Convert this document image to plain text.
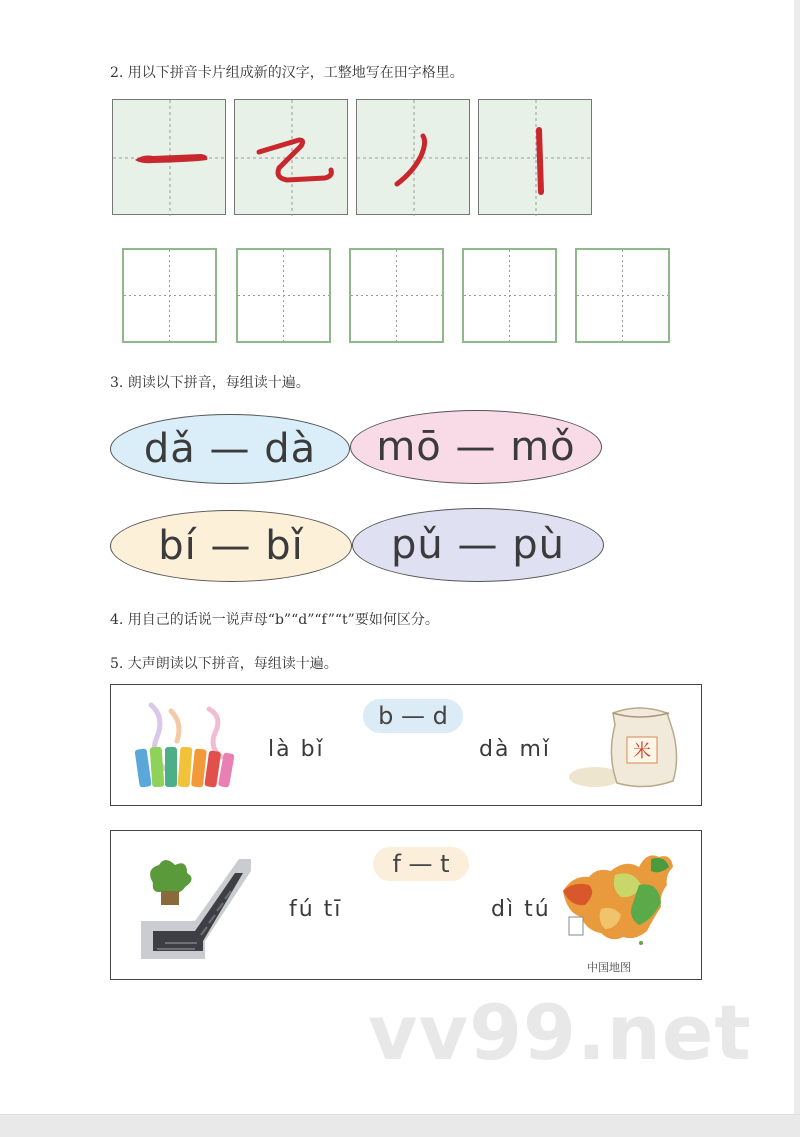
2. 用以下拼音卡片组成新的汉字，工整地写在田字格里。

3. 朗读以下拼音，每组读十遍。

dǎ — dà mō — mǒ
bí — bǐ pǔ — pù

4. 用自己的话说一说声母“b”“d”“f”“t”要如何区分。

5. 大声朗读以下拼音，每组读十遍。

b — d
là bǐ	dà mǐ	米
f — t
fú tī	dì tú
中国地图
vv99.net
